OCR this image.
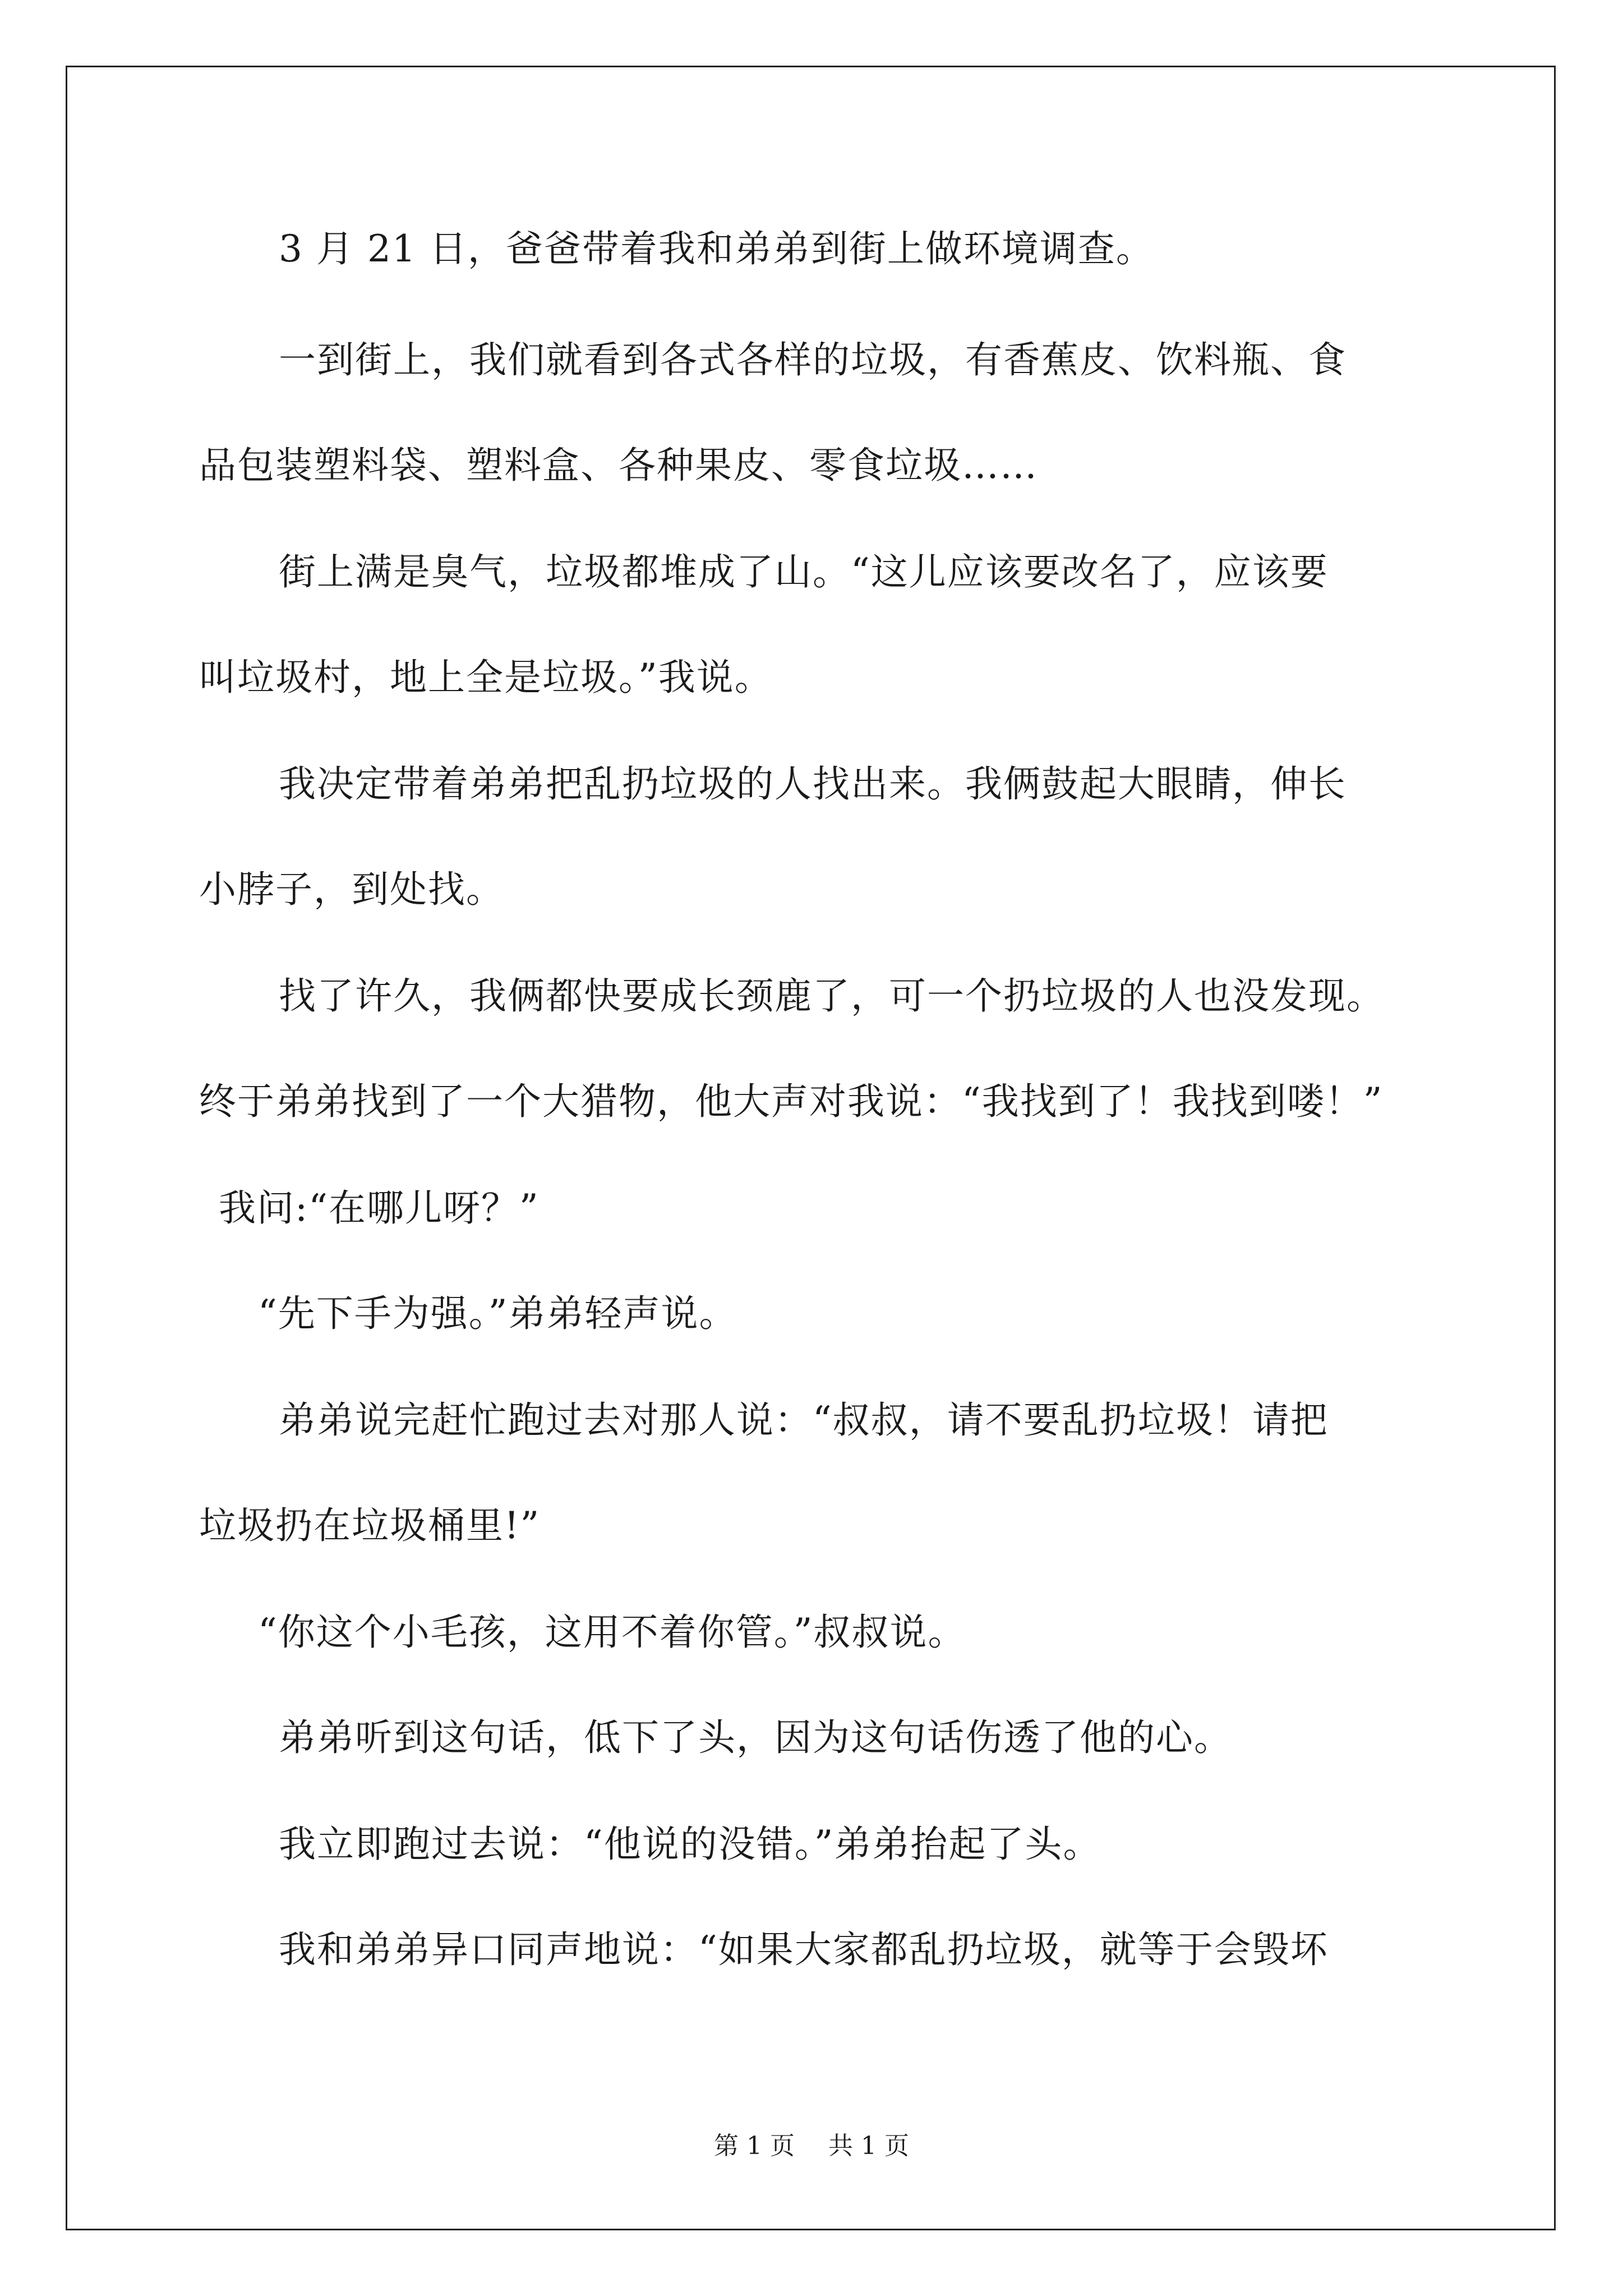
3 月 21 日，爸爸带着我和弟弟到街上做环境调查。
一到街上，我们就看到各式各样的垃圾，有香蕉皮、饮料瓶、食
品包装塑料袋、塑料盒、各种果皮、零食垃圾……
街上满是臭气，垃圾都堆成了山。“这儿应该要改名了，应该要
叫垃圾村，地上全是垃圾。”我说。
我决定带着弟弟把乱扔垃圾的人找出来。我俩鼓起大眼睛，伸长
小脖子，到处找。
找了许久，我俩都快要成长颈鹿了，可一个扔垃圾的人也没发现。
终于弟弟找到了一个大猎物，他大声对我说：“我找到了！我找到喽！”
我问:“在哪儿呀？”
“先下手为强。”弟弟轻声说。
弟弟说完赶忙跑过去对那人说：“叔叔，请不要乱扔垃圾！请把
垃圾扔在垃圾桶里!”
“你这个小毛孩，这用不着你管。”叔叔说。
弟弟听到这句话，低下了头，因为这句话伤透了他的心。
我立即跑过去说：“他说的没错。”弟弟抬起了头。
我和弟弟异口同声地说：“如果大家都乱扔垃圾，就等于会毁坏
第 1 页 共 1 页
